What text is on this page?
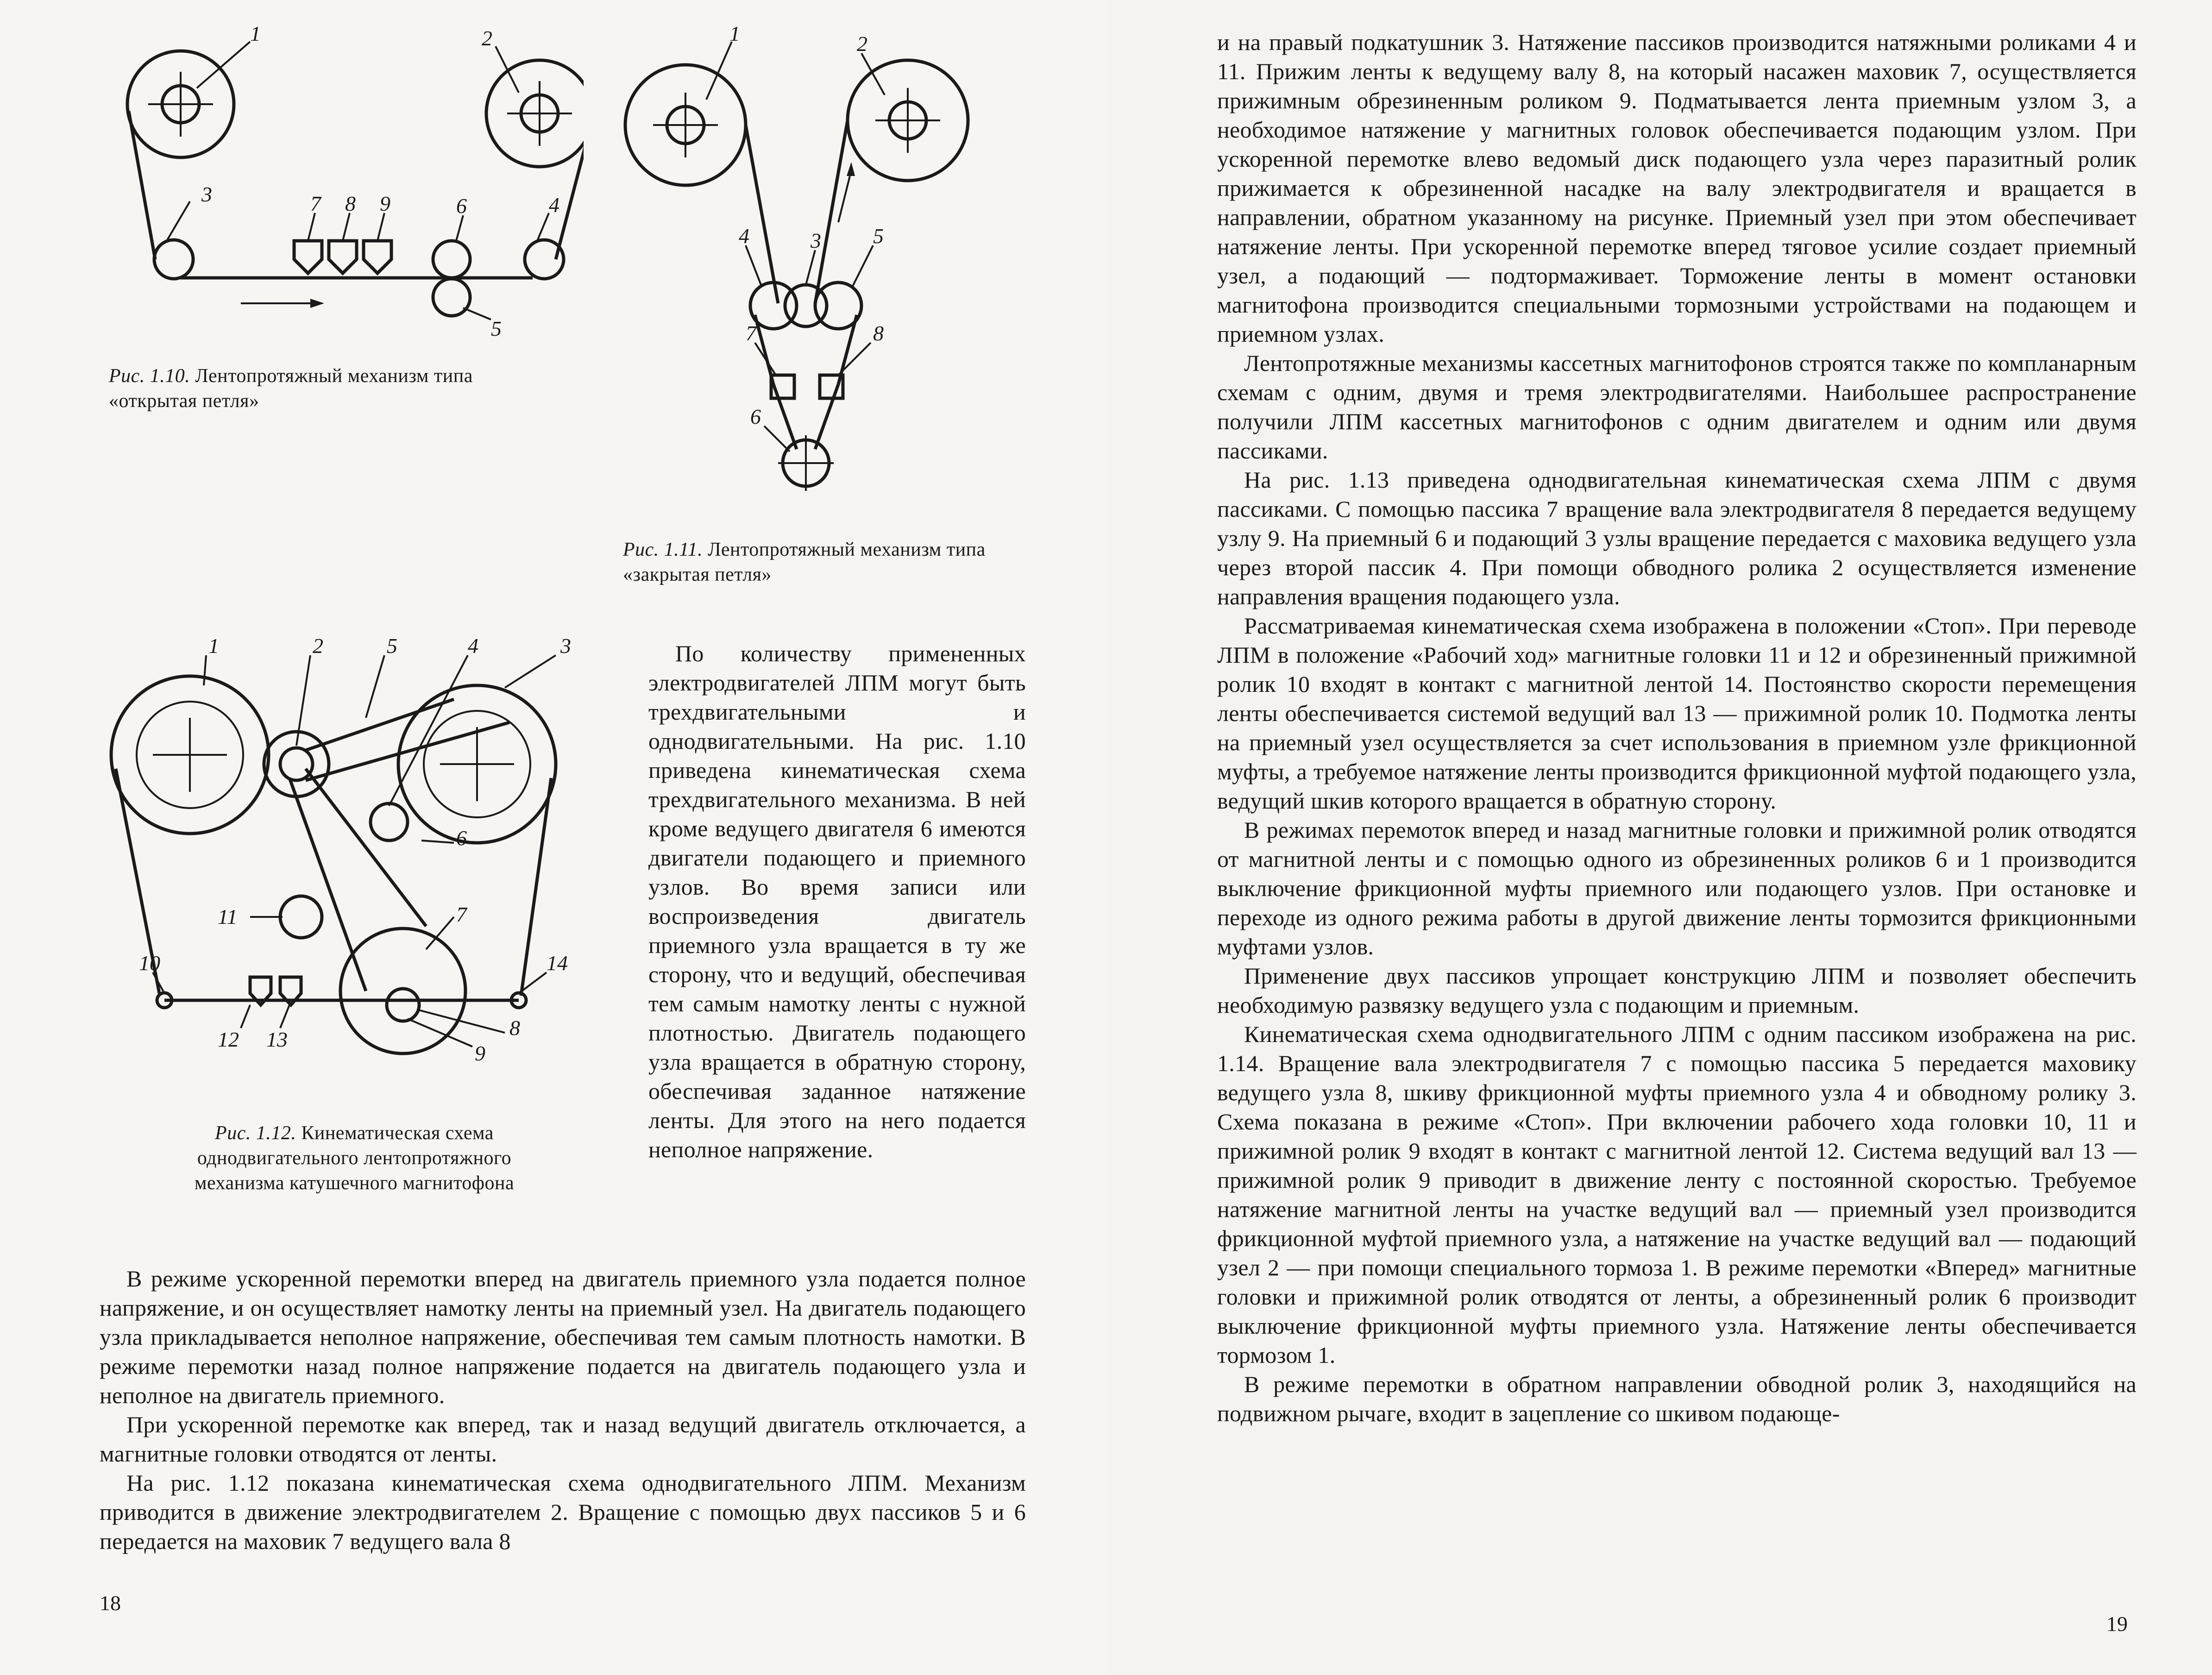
1	2
3	7 8 9	6	4
5

Рис. 1.10. Лентопротяжный механизм типа «открытая петля»

1	2
4	3 5
7	8
6

Рис. 1.11. Лентопротяжный механизм типа «закрытая петля»

1	2	5	4	3
6
11	7
10
12 13
14
8
9

Рис. 1.12. Кинематическая схема однодвигательного лентопротяжного механизма катушечного магнитофона

По количеству примененных электродвигателей ЛПМ могут быть трехдвигательными и однодвигательными. На рис. 1.10 приведена кинематическая схема трехдвигательного механизма. В ней кроме ведущего двигателя 6 имеются двигатели подающего и приемного узлов. Во время записи или воспроизведения двигатель приемного узла вращается в ту же сторону, что и ведущий, обеспечивая тем самым намотку ленты с нужной плотностью. Двигатель подающего узла вращается в обратную сторону, обеспечивая заданное натяжение ленты. Для этого на него подается неполное напряжение.

В режиме ускоренной перемотки вперед на двигатель приемного узла подается полное напряжение, и он осуществляет намотку ленты на приемный узел. На двигатель подающего узла прикладывается неполное напряжение, обеспечивая тем самым плотность намотки. В режиме перемотки назад полное напряжение подается на двигатель подающего узла и неполное на двигатель приемного.

При ускоренной перемотке как вперед, так и назад ведущий двигатель отключается, а магнитные головки отводятся от ленты.

На рис. 1.12 показана кинематическая схема однодвигательного ЛПМ. Механизм приводится в движение электродвигателем 2. Вращение с помощью двух пассиков 5 и 6 передается на маховик 7 ведущего вала 8

18

и на правый подкатушник 3. Натяжение пассиков производится натяжными роликами 4 и 11. Прижим ленты к ведущему валу 8, на который насажен маховик 7, осуществляется прижимным обрезиненным роликом 9. Подматывается лента приемным узлом 3, а необходимое натяжение у магнитных головок обеспечивается подающим узлом. При ускоренной перемотке влево ведомый диск подающего узла через паразитный ролик прижимается к обрезиненной насадке на валу электродвигателя и вращается в направлении, обратном указанному на рисунке. Приемный узел при этом обеспечивает натяжение ленты. При ускоренной перемотке вперед тяговое усилие создает приемный узел, а подающий — подтормаживает. Торможение ленты в момент остановки магнитофона производится специальными тормозными устройствами на подающем и приемном узлах.

Лентопротяжные механизмы кассетных магнитофонов строятся также по компланарным схемам с одним, двумя и тремя электродвигателями. Наибольшее распространение получили ЛПМ кассетных магнитофонов с одним двигателем и одним или двумя пассиками.

На рис. 1.13 приведена однодвигательная кинематическая схема ЛПМ с двумя пассиками. С помощью пассика 7 вращение вала электродвигателя 8 передается ведущему узлу 9. На приемный 6 и подающий 3 узлы вращение передается с маховика ведущего узла через второй пассик 4. При помощи обводного ролика 2 осуществляется изменение направления вращения подающего узла.

Рассматриваемая кинематическая схема изображена в положении «Стоп». При переводе ЛПМ в положение «Рабочий ход» магнитные головки 11 и 12 и обрезиненный прижимной ролик 10 входят в контакт с магнитной лентой 14. Постоянство скорости перемещения ленты обеспечивается системой ведущий вал 13 — прижимной ролик 10. Подмотка ленты на приемный узел осуществляется за счет использования в приемном узле фрикционной муфты, а требуемое натяжение ленты производится фрикционной муфтой подающего узла, ведущий шкив которого вращается в обратную сторону.

В режимах перемоток вперед и назад магнитные головки и прижимной ролик отводятся от магнитной ленты и с помощью одного из обрезиненных роликов 6 и 1 производится выключение фрикционной муфты приемного или подающего узлов. При остановке и переходе из одного режима работы в другой движение ленты тормозится фрикционными муфтами узлов.

Применение двух пассиков упрощает конструкцию ЛПМ и позволяет обеспечить необходимую развязку ведущего узла с подающим и приемным.

Кинематическая схема однодвигательного ЛПМ с одним пассиком изображена на рис. 1.14. Вращение вала электродвигателя 7 с помощью пассика 5 передается маховику ведущего узла 8, шкиву фрикционной муфты приемного узла 4 и обводному ролику 3. Схема показана в режиме «Стоп». При включении рабочего хода головки 10, 11 и прижимной ролик 9 входят в контакт с магнитной лентой 12. Система ведущий вал 13 — прижимной ролик 9 приводит в движение ленту с постоянной скоростью. Требуемое натяжение магнитной ленты на участке ведущий вал — приемный узел производится фрикционной муфтой приемного узла, а натяжение на участке ведущий вал — подающий узел 2 — при помощи специального тормоза 1. В режиме перемотки «Вперед» магнитные головки и прижимной ролик отводятся от ленты, а обрезиненный ролик 6 производит выключение фрикционной муфты приемного узла. Натяжение ленты обеспечивается тормозом 1.

В режиме перемотки в обратном направлении обводной ролик 3, находящийся на подвижном рычаге, входит в зацепление со шкивом подающе-

19
